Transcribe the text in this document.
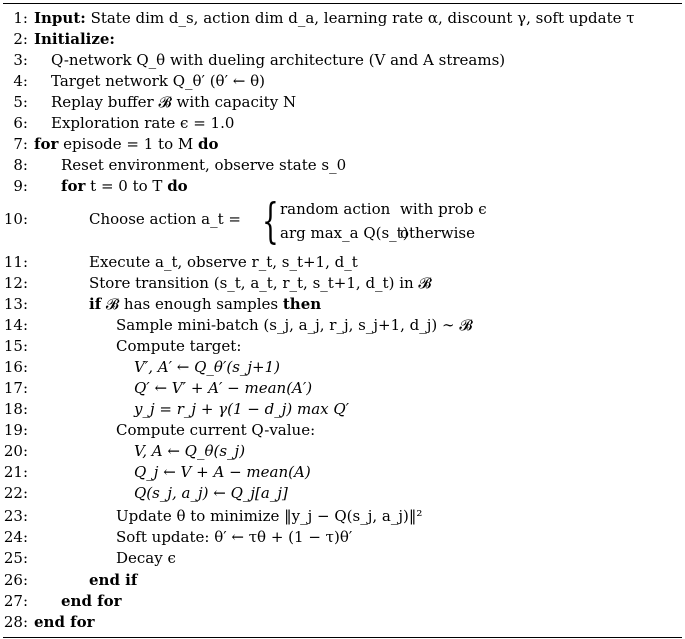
1: Input: State dim d_s, action dim d_a, learning rate α, discount γ, soft update τ
2: Initialize:
3: Q-network Q_θ with dueling architecture (V and A streams)
4: Target network Q_θ′ (θ′ ← θ)
5: Replay buffer 𝓑 with capacity N
6: Exploration rate ϵ = 1.0
7: for episode = 1 to M do
8: Reset environment, observe state s_0
9: for t = 0 to T do
10:	Choose action a_t = { random action with prob ϵ
arg max_a Q(s_t)
otherwise
11:	Execute a_t, observe r_t, s_t+1, d_t
12:	Store transition (s_t, a_t, r_t, s_t+1, d_t) in 𝓑
13:	if 𝓑 has enough samples then
14:	Sample mini-batch (s_j, a_j, r_j, s_j+1, d_j) ∼ 𝓑
15:	Compute target:
16:	V′, A′ ← Q_θ′(s_j+1)
17:	Q′ ← V′ + A′ − mean(A′)
18:	y_j = r_j + γ(1 − d_j) max Q′
19:	Compute current Q-value:
20:	V, A ← Q_θ(s_j)
21:	Q_j ← V + A − mean(A)
22:	Q(s_j, a_j) ← Q_j[a_j]
23:	Update θ to minimize ‖y_j − Q(s_j, a_j)‖²
24:	Soft update: θ′ ← τθ + (1 − τ)θ′
25:	Decay ϵ
26:	end if
27: end for
28: end for
